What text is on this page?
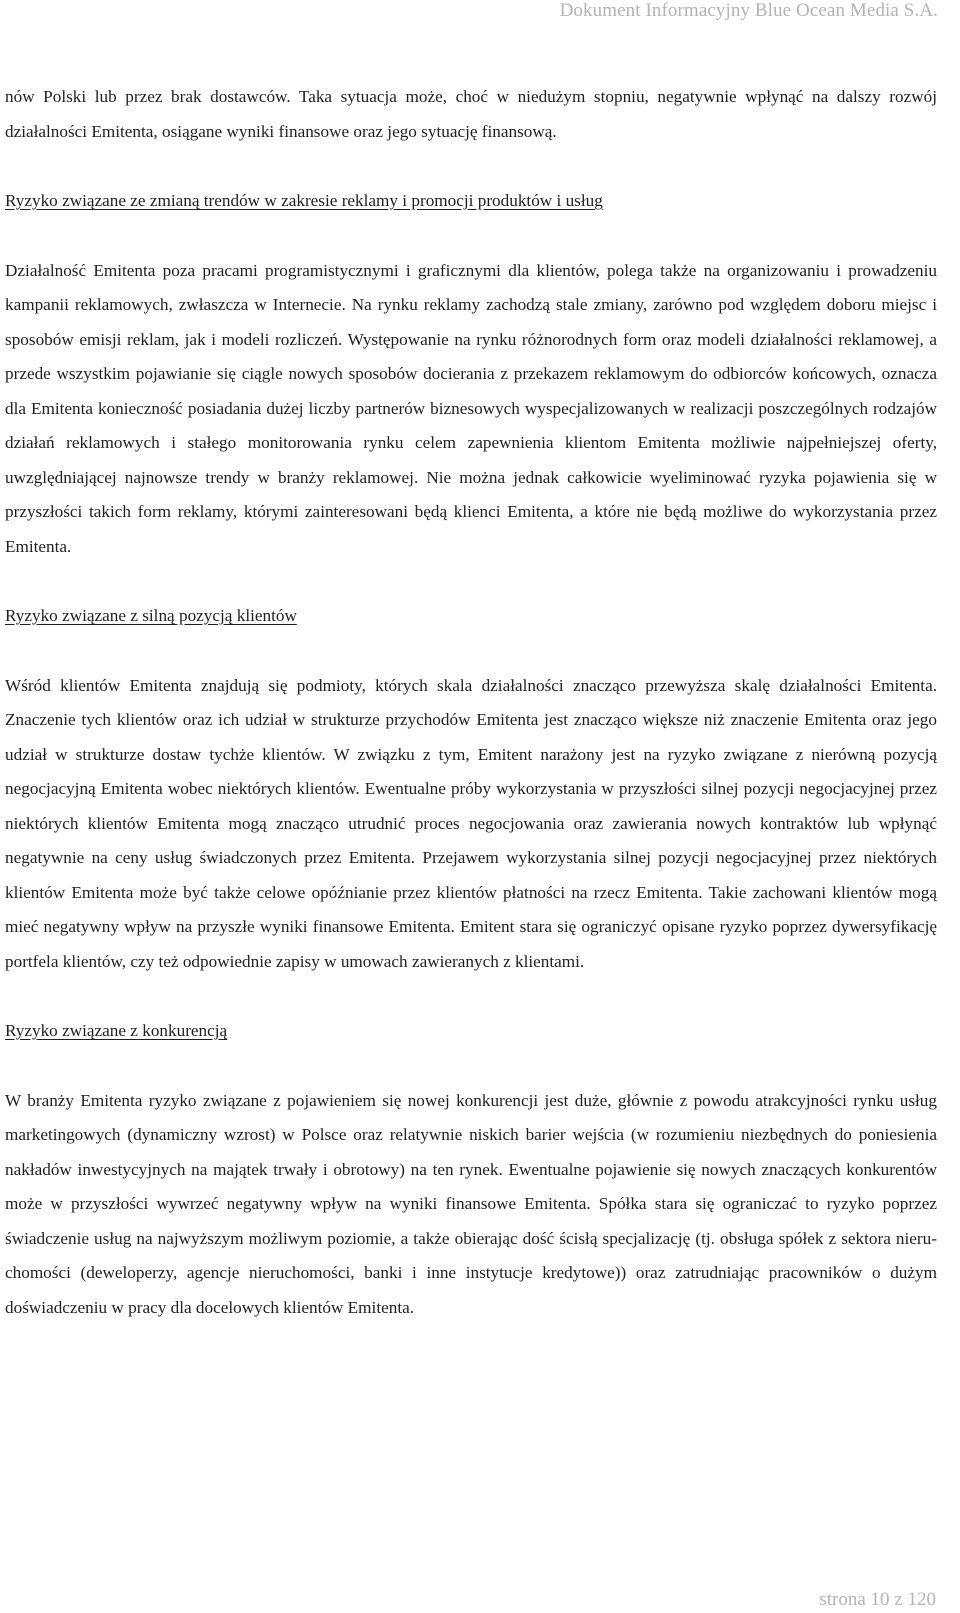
Dokument Informacyjny Blue Ocean Media S.A.

nów Polski lub przez brak dostawców. Taka sytuacja może, choć w niedużym stopniu, negatywnie wpłynąć na dalszy rozwój działalności Emitenta, osiągane wyniki finansowe oraz jego sytuację finansową.

Ryzyko związane ze zmianą trendów w zakresie reklamy i promocji produktów i usług

Działalność Emitenta poza pracami programistycznymi i graficznymi dla klientów, polega także na organizowaniu i prowadzeniu kampanii reklamowych, zwłaszcza w Internecie. Na rynku reklamy zachodzą stale zmiany, zarówno pod względem doboru miejsc i sposobów emisji reklam, jak i modeli rozliczeń. Występowanie na rynku różnorodnych form oraz modeli działalności reklamowej, a przede wszystkim pojawianie się ciągle nowych sposobów docierania z przekazem reklamowym do odbiorców końcowych, oznacza dla Emitenta konieczność posiadania dużej liczby partnerów biznesowych wyspecjalizowanych w realizacji poszczególnych rodzajów działań reklamowych i stałego monitorowania rynku celem zapewnienia klientom Emitenta możliwie najpełniejszej oferty, uwzględniającej najnowsze trendy w branży reklamowej. Nie można jednak całkowicie wyeliminować ryzyka pojawienia się w przyszłości takich form reklamy, którymi zainteresowani będą klienci Emitenta, a które nie będą możliwe do wykorzystania przez Emitenta.

Ryzyko związane z silną pozycją klientów

Wśród klientów Emitenta znajdują się podmioty, których skala działalności znacząco przewyższa skalę działalności Emitenta. Znaczenie tych klientów oraz ich udział w strukturze przychodów Emitenta jest znacząco większe niż znaczenie Emitenta oraz jego udział w strukturze dostaw tychże klientów. W związku z tym, Emitent narażony jest na ryzyko związane z nierówną pozycją negocjacyjną Emitenta wobec niektórych klientów. Ewentualne próby wykorzystania w przyszłości silnej pozycji negocjacyjnej przez niektórych klientów Emitenta mogą znacząco utrudnić proces negocjowania oraz zawierania nowych kontraktów lub wpłynąć negatywnie na ceny usług świadczonych przez Emitenta. Przejawem wykorzystania silnej pozycji negocjacyjnej przez niektórych klientów Emitenta może być także celowe opóźnianie przez klientów płatności na rzecz Emitenta. Takie zachowani klientów mogą mieć negatywny wpływ na przyszłe wyniki finansowe Emitenta. Emitent stara się ograniczyć opisane ryzyko poprzez dywersyfikację portfela klientów, czy też odpowiednie zapisy w umowach zawieranych z klientami.

Ryzyko związane z konkurencją

W branży Emitenta ryzyko związane z pojawieniem się nowej konkurencji jest duże, głównie z powodu atrakcyjności rynku usług marketingowych (dynamiczny wzrost) w Polsce oraz relatywnie niskich barier wejścia (w rozumieniu niezbędnych do poniesienia nakładów inwestycyjnych na majątek trwały i obrotowy) na ten rynek. Ewentualne pojawienie się nowych znaczących konkurentów może w przyszłości wywrzeć negatywny wpływ na wyniki finansowe Emitenta. Spółka stara się ograniczać to ryzyko poprzez świadczenie usług na najwyższym możliwym poziomie, a także obierając dość ścisłą specjalizację (tj. obsługa spółek z sektora nieruchomości (deweloperzy, agencje nieruchomości, banki i inne instytucje kredytowe)) oraz zatrudniając pracowników o dużym doświadczeniu w pracy dla docelowych klientów Emitenta.

strona 10 z 120
